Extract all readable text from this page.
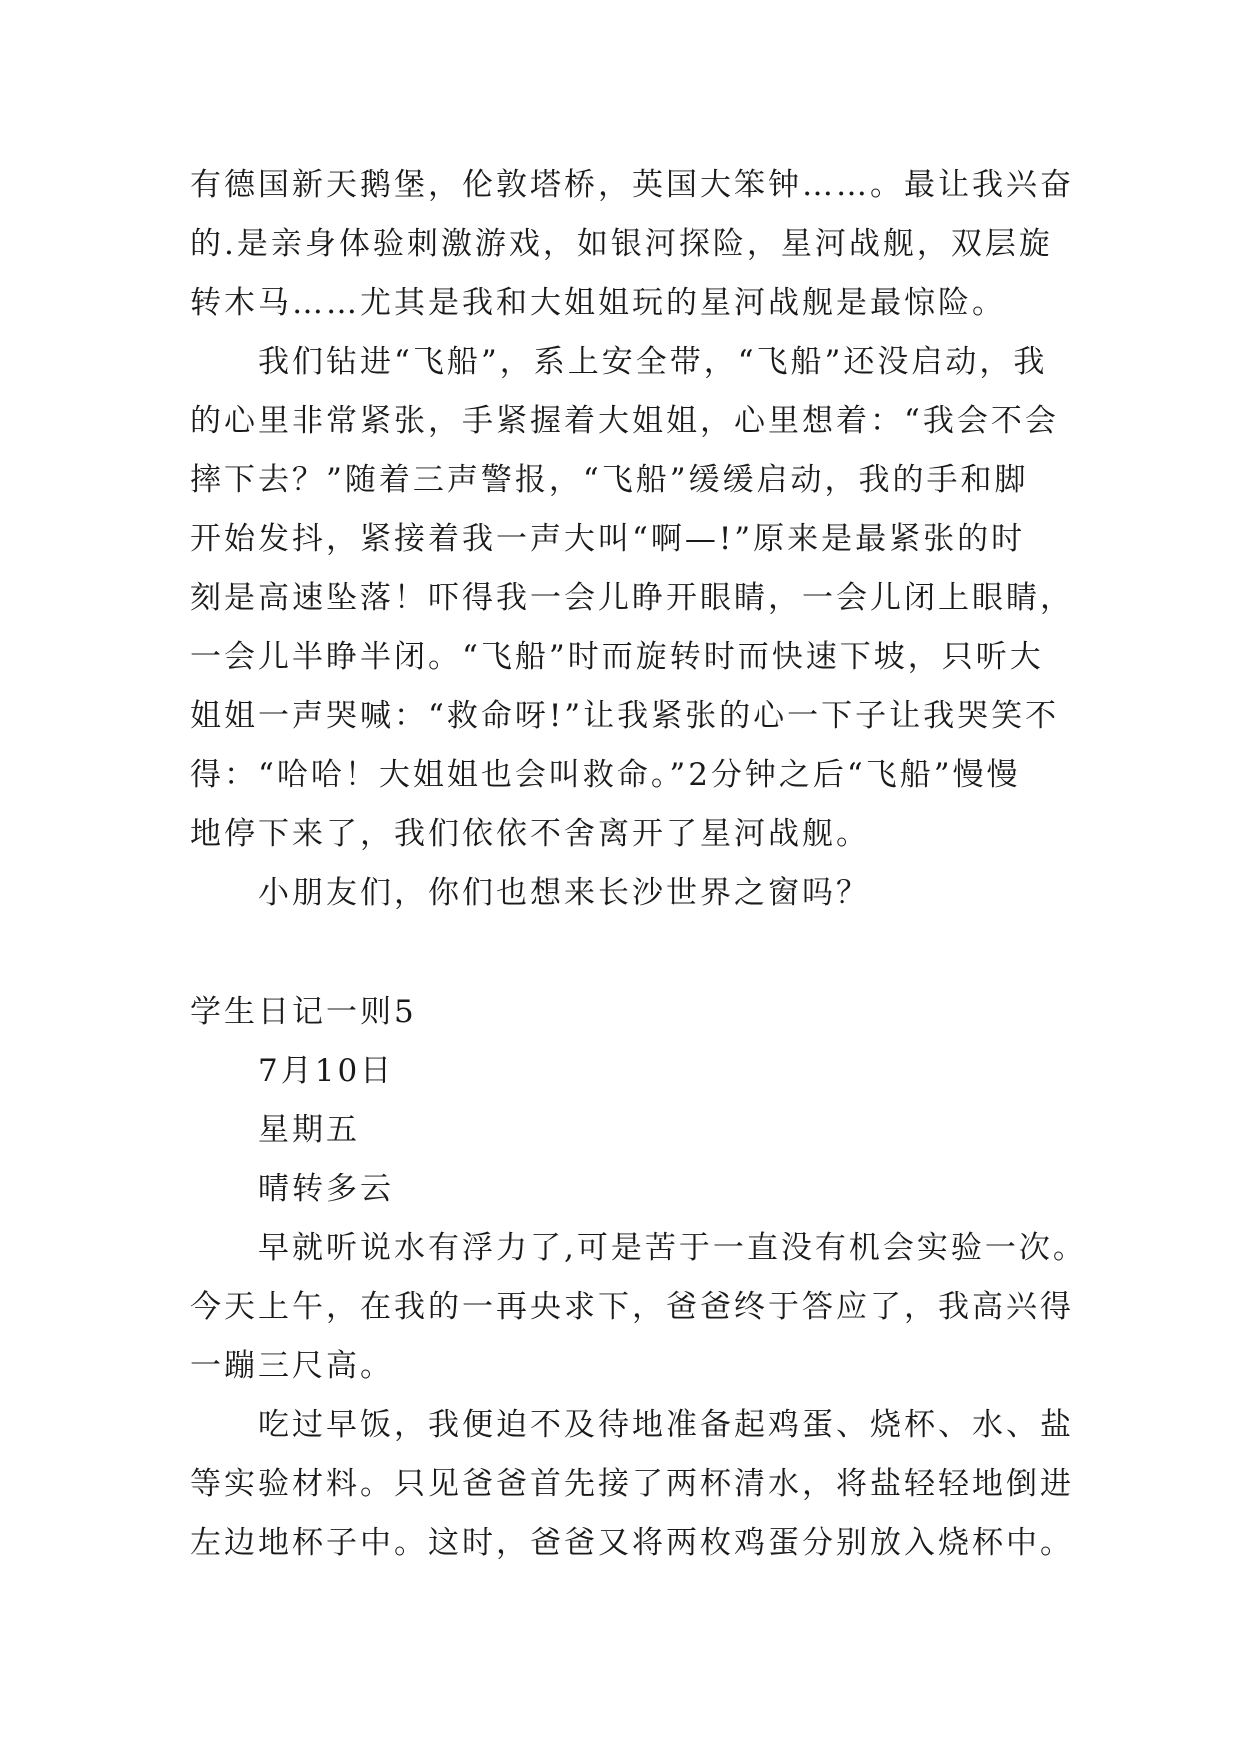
有德国新天鹅堡，伦敦塔桥，英国大笨钟……。最让我兴奋
的.是亲身体验刺激游戏，如银河探险，星河战舰，双层旋
转木马……尤其是我和大姐姐玩的星河战舰是最惊险。
我们钻进“飞船”，系上安全带，“飞船”还没启动，我
的心里非常紧张，手紧握着大姐姐，心里想着：“我会不会
摔下去？”随着三声警报，“飞船”缓缓启动，我的手和脚
开始发抖，紧接着我一声大叫“啊—!”原来是最紧张的时
刻是高速坠落！吓得我一会儿睁开眼睛，一会儿闭上眼睛，
一会儿半睁半闭。“飞船”时而旋转时而快速下坡，只听大
姐姐一声哭喊：“救命呀!”让我紧张的心一下子让我哭笑不
得：“哈哈！大姐姐也会叫救命。”2分钟之后“飞船”慢慢
地停下来了，我们依依不舍离开了星河战舰。
小朋友们，你们也想来长沙世界之窗吗？
学生日记一则5
7月10日
星期五
晴转多云
早就听说水有浮力了,可是苦于一直没有机会实验一次。
今天上午，在我的一再央求下，爸爸终于答应了，我高兴得
一蹦三尺高。
吃过早饭，我便迫不及待地准备起鸡蛋、烧杯、水、盐
等实验材料。只见爸爸首先接了两杯清水，将盐轻轻地倒进
左边地杯子中。这时，爸爸又将两枚鸡蛋分别放入烧杯中。
